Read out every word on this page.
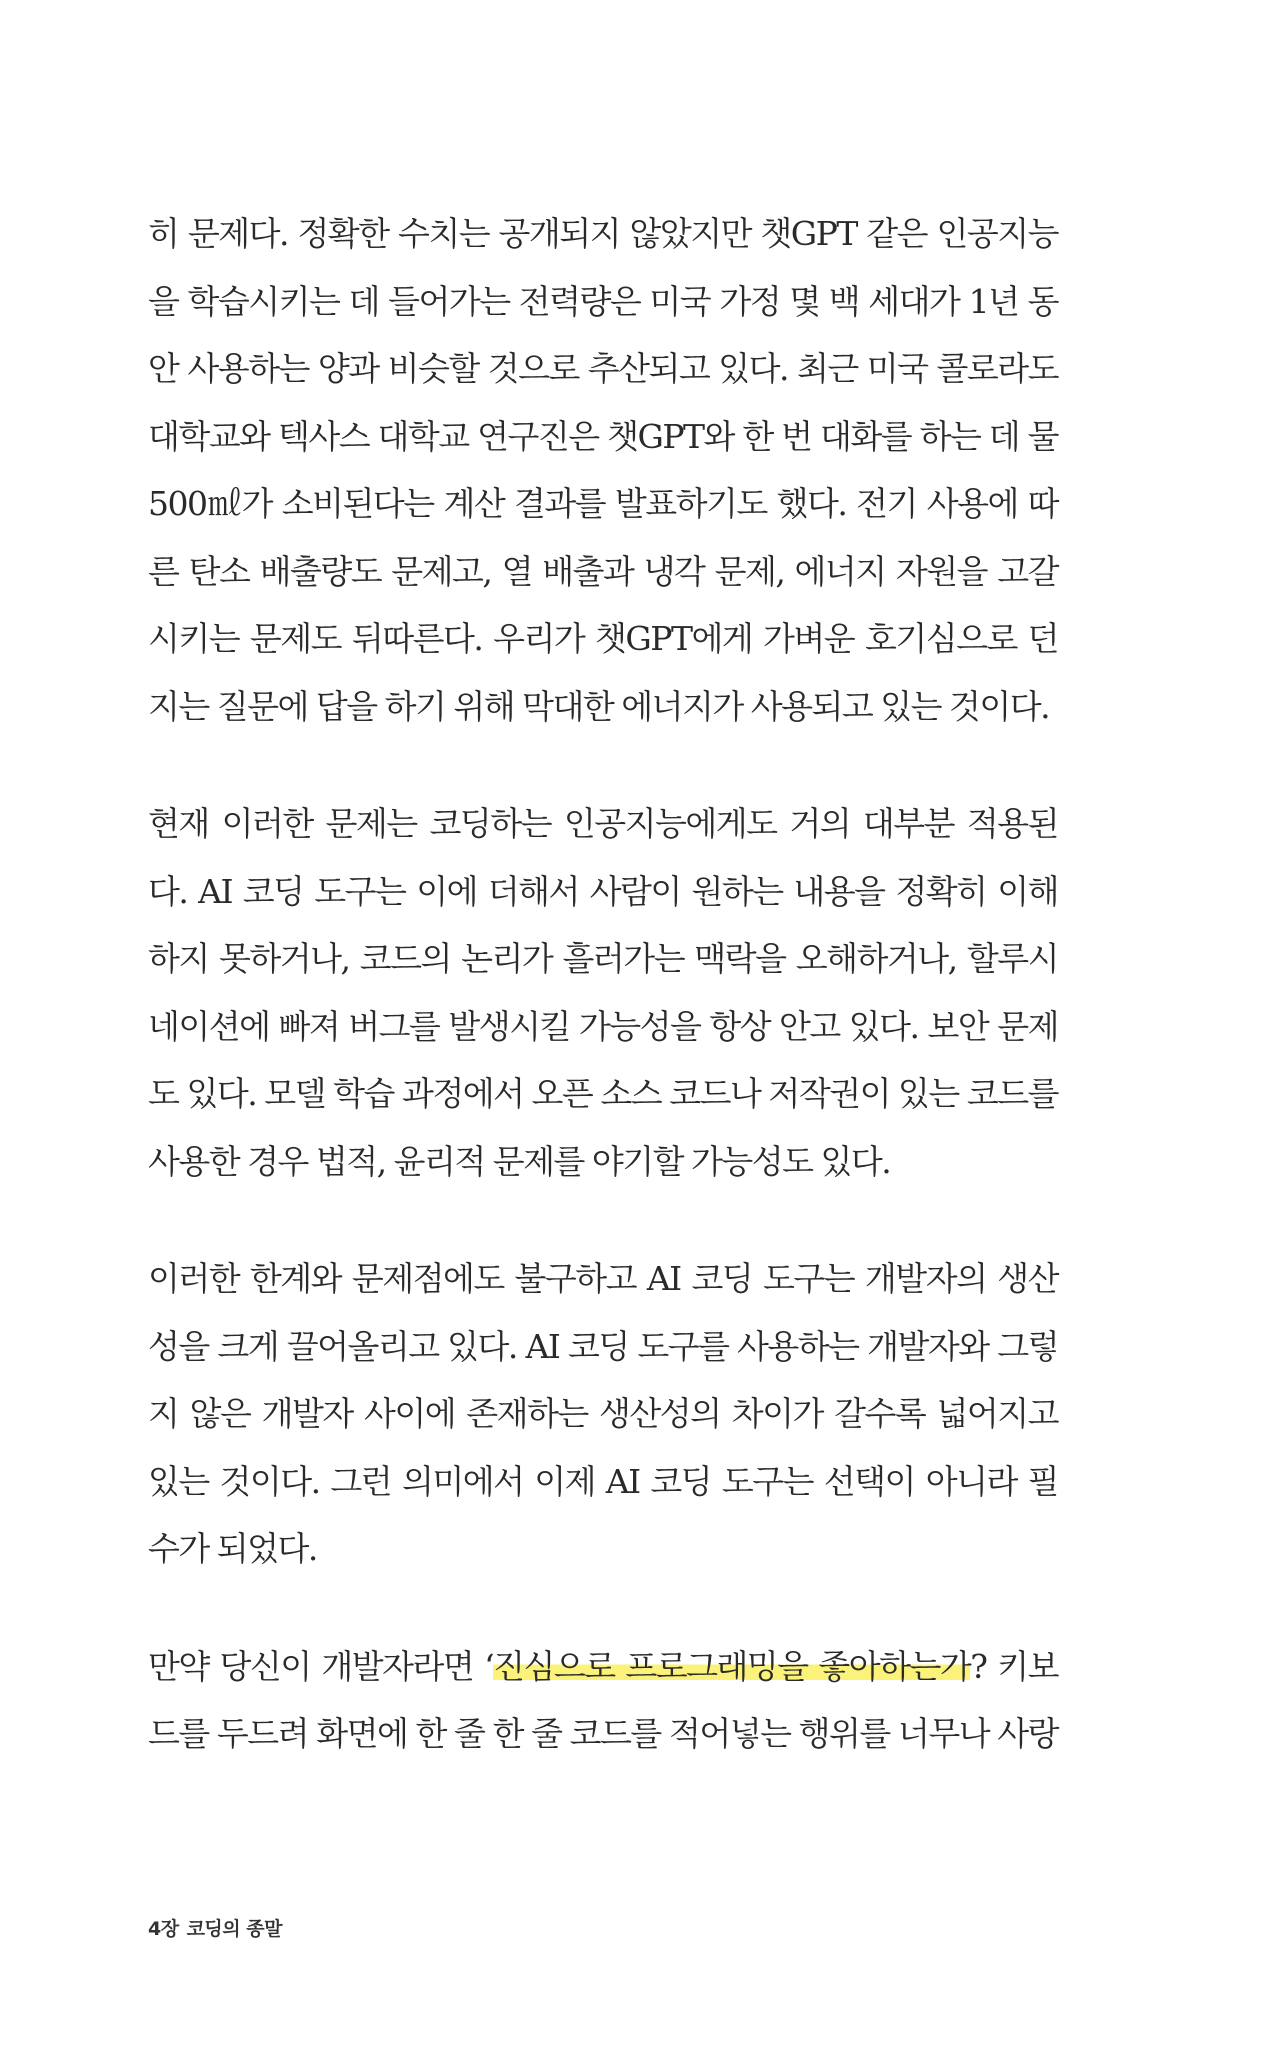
히 문제다. 정확한 수치는 공개되지 않았지만 챗GPT 같은 인공지능
을 학습시키는 데 들어가는 전력량은 미국 가정 몇 백 세대가 1년 동
안 사용하는 양과 비슷할 것으로 추산되고 있다. 최근 미국 콜로라도
대학교와 텍사스 대학교 연구진은 챗GPT와 한 번 대화를 하는 데 물
500㎖가 소비된다는 계산 결과를 발표하기도 했다. 전기 사용에 따
른 탄소 배출량도 문제고, 열 배출과 냉각 문제, 에너지 자원을 고갈
시키는 문제도 뒤따른다. 우리가 챗GPT에게 가벼운 호기심으로 던
지는 질문에 답을 하기 위해 막대한 에너지가 사용되고 있는 것이다.
현재 이러한 문제는 코딩하는 인공지능에게도 거의 대부분 적용된
다. AI 코딩 도구는 이에 더해서 사람이 원하는 내용을 정확히 이해
하지 못하거나, 코드의 논리가 흘러가는 맥락을 오해하거나, 할루시
네이션에 빠져 버그를 발생시킬 가능성을 항상 안고 있다. 보안 문제
도 있다. 모델 학습 과정에서 오픈 소스 코드나 저작권이 있는 코드를
사용한 경우 법적, 윤리적 문제를 야기할 가능성도 있다.
이러한 한계와 문제점에도 불구하고 AI 코딩 도구는 개발자의 생산
성을 크게 끌어올리고 있다. AI 코딩 도구를 사용하는 개발자와 그렇
지 않은 개발자 사이에 존재하는 생산성의 차이가 갈수록 넓어지고
있는 것이다. 그런 의미에서 이제 AI 코딩 도구는 선택이 아니라 필
수가 되었다.
만약 당신이 개발자라면 ‘진심으로 프로그래밍을 좋아하는가? 키보
드를 두드려 화면에 한 줄 한 줄 코드를 적어넣는 행위를 너무나 사랑
4장 코딩의 종말
